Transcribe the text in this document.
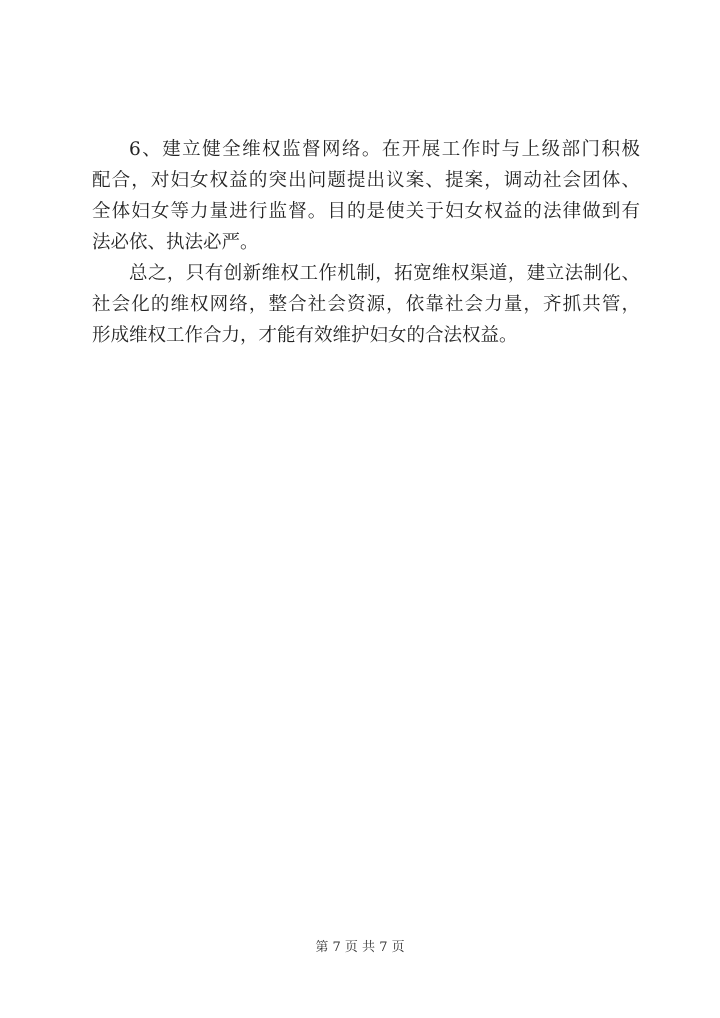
6、建立健全维权监督网络。在开展工作时与上级部门积极
配合，对妇女权益的突出问题提出议案、提案，调动社会团体、
全体妇女等力量进行监督。目的是使关于妇女权益的法律做到有
法必依、执法必严。
总之，只有创新维权工作机制，拓宽维权渠道，建立法制化、
社会化的维权网络，整合社会资源，依靠社会力量，齐抓共管，
形成维权工作合力，才能有效维护妇女的合法权益。
第 7 页 共 7 页
